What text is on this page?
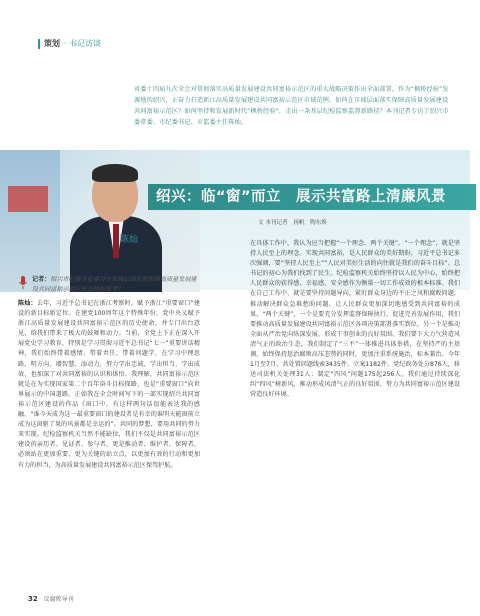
策划 · 书记访谈
省委十四届九次全会对贯彻落实高质量发展建设共同富裕示范区的重大战略决策作出全面部署。作为“枫桥经验”发源地的绍兴，正奋力打造新江高质量发展建设共同富裕示范区市域范例。如何在市域层面落实保障高质量发展建设共同富裕示范区？如何坚持和发展新时代“枫桥经验”，走出一条基层纪检监察监督新路径？本刊记者专访了绍兴市委常委、市纪委书记、市监委主任陈灿。
陈灿
绍兴：临“窗”而立　展示共富路上清廉风景
文 本刊记者　扬帆　陶东焕
记者：绍兴市纪委市监委对在市域层面监督保障高质量发展建设共同富裕示范区有怎样的思考？
陈灿：去年，习近平总书记在浙江考察时，赋予浙江“重要窗口”建设的新目标新定位。在建党100周年这个特殊年份，党中央又赋予浙江高质量发展建设共同富裕示范区的历史使命，并专门出台意见，给我们带来了极大的鼓舞和动力。当前，全党上下正在深入开展党史学习教育，特别是学习贯彻习近平总书记“七一”重要讲话精神，我们始终带着感情、带着责任、带着问题学，在学习中理思路、明方向、增智慧、添动力，努力学出忠诚、学出担当、学出成效，也加深了对共同富裕的认识和体悟。我理解，共同富裕示范区就是在为实现国家第二个百年奋斗目标探路，也是“重要窗口”向世界展示的中国道路。正如我在全会时间写下的一部实现绍兴共同富裕示范区建设的作品《窗口中，有这样两句话很能表达我的感触，“谁今天成为这一最重要窗口的建设者是有幸的谁明天能窗前立成为这窗驱了果的风景都是幸运的”。共同的梦想，要用共同的努力来实现。纪检监察机关当然不能缺位，我们不仅是共同富裕示范区建设的亲历者、见证者、参与者，更是推动者、维护者、保障者，必须站在更加重要、更为关键的站立点，以更加有效的行动和更加有力的担当，为高质量发展建设共同富裕示范区保驾护航。
在具体工作中，我认为应当把握“一个理念、两个关键”。“一个理念”，就是坚持人民至上的理念。实现共同富裕，是人民群众的美好期盼。习近平总书记多次强调，要“坚持人民至上”“人民对美好生活的向往就是我们的奋斗目标”。总书记的初心为我们找到了民生。纪检监察机关始终坚持以人民为中心，始终把人民群众的获得感、幸福感、安全感作为衡量一切工作成效的根本标准。我们在自己工作中，就是要坚持问题导向，紧盯群众身边的不正之风和腐败问题，推动解决群众急难愁盼问题，让人民群众更加深切地感受到共同富裕的成果。“两个关键”，一个是要充分发挥监督保障执行、促进完善发展作用，我们要推动高质量发展建设共同富裕示范区各项决策部署落实到位，另一个是推动全面从严治党向纵深发展，形成干事创业的良好氛围。我们要下大力气营造风清气正的政治生态。我们制定了“三不”一体推进具体举措，在坚持严的主基调，始终保持惩治腐败高压态势的同时，更加注重系统施治、标本兼治。今年1月至7月，共处置问题线索3435件，立案1182件，党纪政务处分876人，移送司法机关处理31人；制定“四风”问题175起256人。我们通过持续深化纠“四风”树新风，推动形成风清气正的良好氛围，努力为共同富裕示范区建设营造良好环境。
32 反腐败导刊
